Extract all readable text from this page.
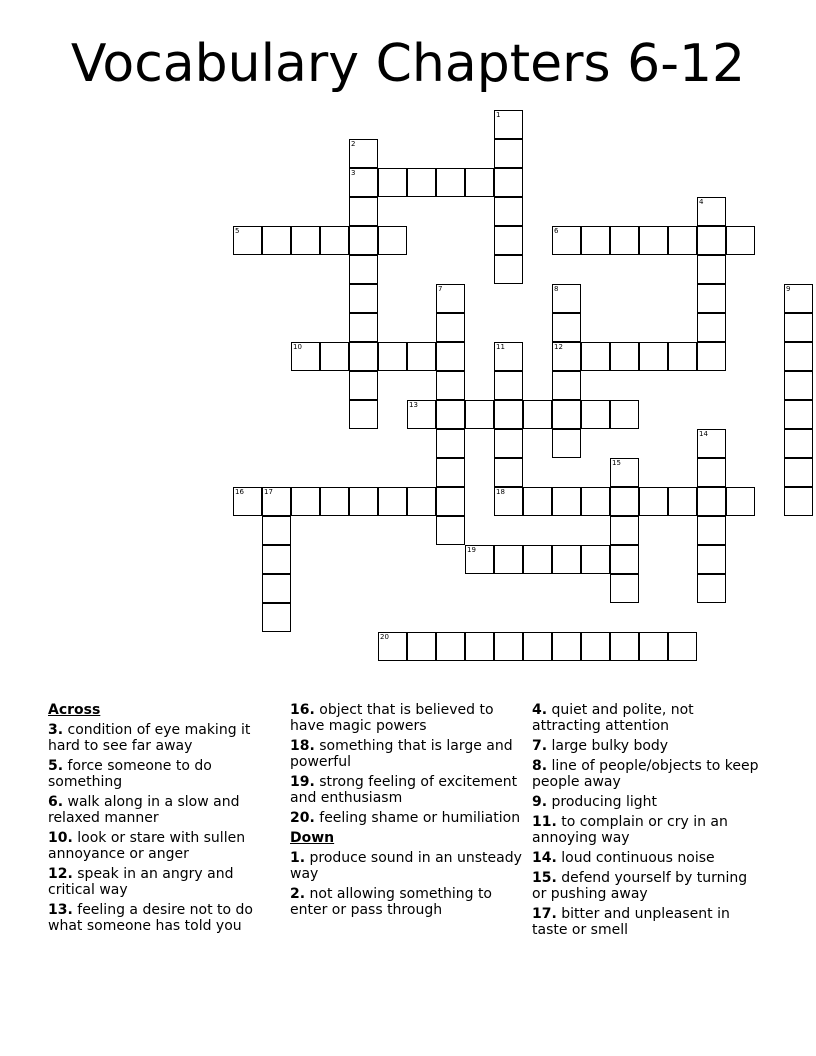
Vocabulary Chapters 6-12
1
2
3
4
5	6
7	8
12
9
10	11
13
14
15
16	17	18
19
20
Across
3. condition of eye making it hard to see far away
5. force someone to do something
6. walk along in a slow and relaxed manner
10. look or stare with sullen annoyance or anger
12. speak in an angry and critical way
13. feeling a desire not to do what someone has told you
16. object that is believed to have magic powers
18. something that is large and powerful
19. strong feeling of excitement and enthusiasm
20. feeling shame or humiliation
Down
1. produce sound in an unsteady way
2. not allowing something to enter or pass through
4. quiet and polite, not attracting attention
7. large bulky body
8. line of people/objects to keep people away
9. producing light
11. to complain or cry in an annoying way
14. loud continuous noise
15. defend yourself by turning or pushing away
17. bitter and unpleasent in taste or smell
